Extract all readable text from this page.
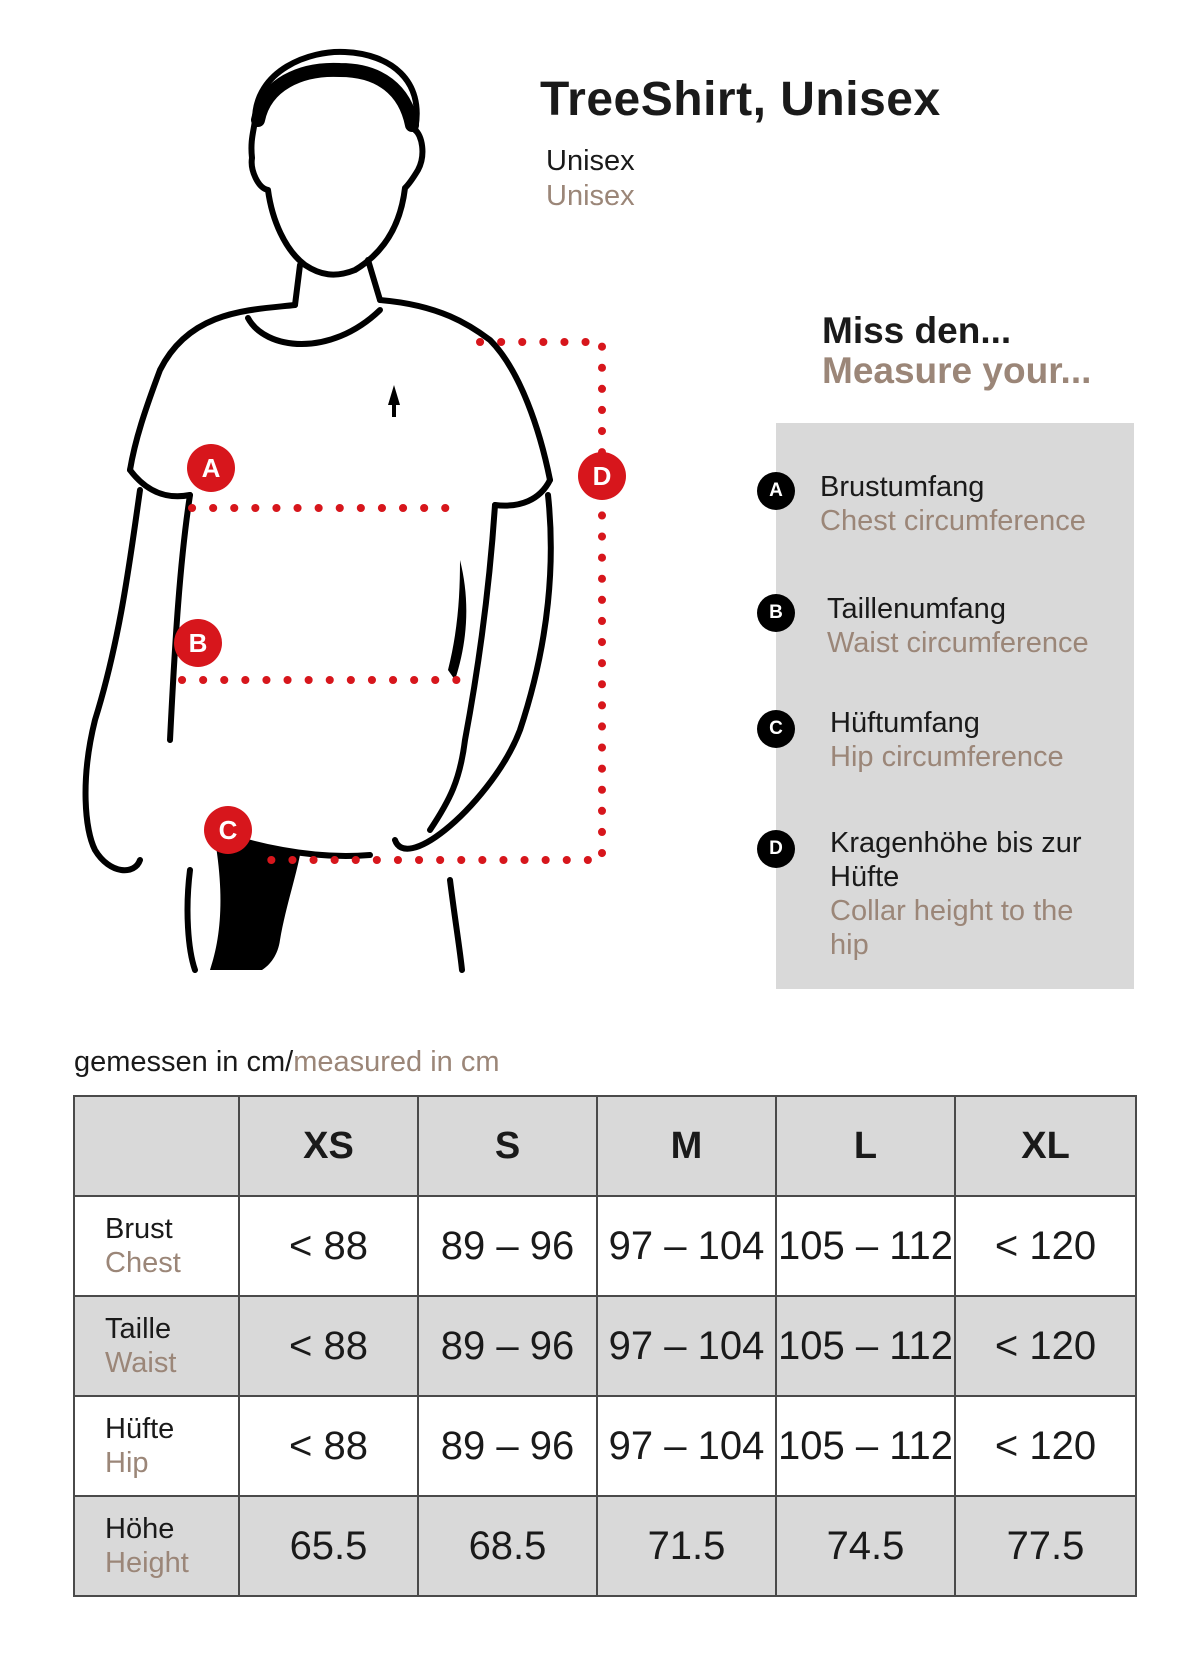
TreeShirt, Unisex
Unisex
Unisex
A
B
C
D
Miss den...
Measure your...
A	Brustumfang
Chest circumference
B	Taillenumfang
Waist circumference
C	Hüftumfang
Hip circumference
D	Kragenhöhe bis zur Hüfte
Collar height to the hip
gemessen in cm/measured in cm
	XS	S	M	L	XL

Brust
Chest	< 88	89 – 96	97 – 104	105 – 112	< 120

Taille
Waist	< 88	89 – 96	97 – 104	105 – 112	< 120

Hüfte
Hip	< 88	89 – 96	97 – 104	105 – 112	< 120

Höhe
Height	65.5	68.5	71.5	74.5	77.5
